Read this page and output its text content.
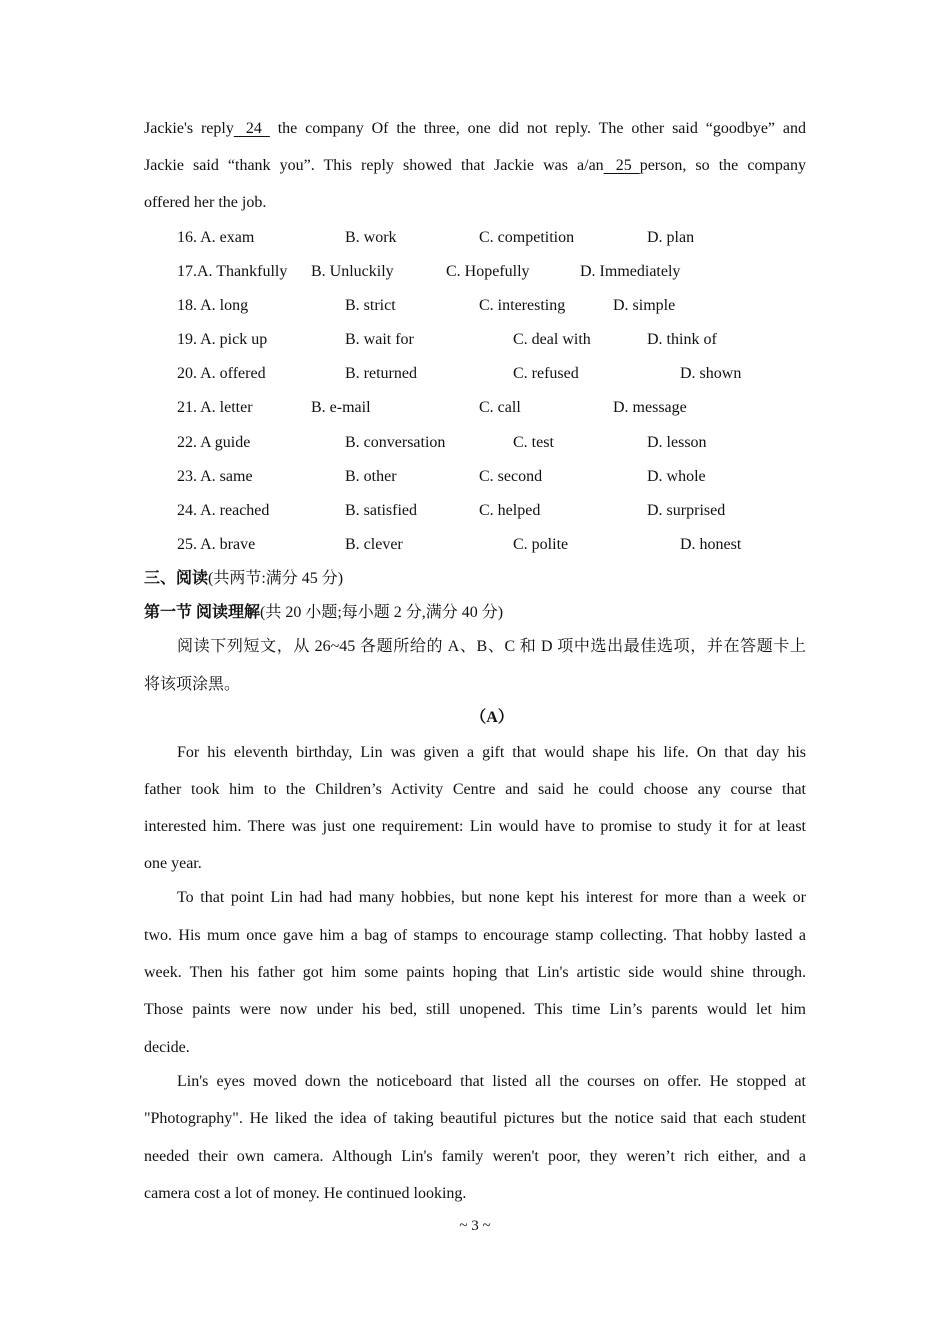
Jackie's reply   24   the company Of the three, one did not reply. The other said “goodbye” and
Jackie said “thank you”. This reply showed that Jackie was a/an   25  person, so the company
offered her the job.
16. A. exam	B. work	C. competition	D. plan
17.A. Thankfully B. Unluckily	C. Hopefully	D. Immediately
18. A. long	B. strict	C. interesting	D. simple
19. A. pick up	B. wait for	C. deal with	D. think of
20. A. offered	B. returned	C. refused	D. shown
21. A. letter	B. e-mail	C. call	D. message
22. A guide	B. conversation	C. test	D. lesson
23. A. same	B. other	C. second	D. whole
24. A. reached	B. satisfied	C. helped	D. surprised
25. A. brave	B. clever	C. polite	D. honest
三、阅读(共两节:满分 45 分)
第一节 阅读理解(共 20 小题;每小题 2 分,满分 40 分)
阅读下列短文，从 26~45 各题所给的 A、B、C 和 D 项中选出最佳选项，并在答题卡上
将该项涂黑。
（A）
For his eleventh birthday, Lin was given a gift that would shape his life. On that day his
father took him to the Children’s Activity Centre and said he could choose any course that
interested him. There was just one requirement: Lin would have to promise to study it for at least
one year.
To that point Lin had had many hobbies, but none kept his interest for more than a week or
two. His mum once gave him a bag of stamps to encourage stamp collecting. That hobby lasted a
week. Then his father got him some paints hoping that Lin's artistic side would shine through.
Those paints were now under his bed, still unopened. This time Lin’s parents would let him
decide.
Lin's eyes moved down the noticeboard that listed all the courses on offer. He stopped at
"Photography". He liked the idea of taking beautiful pictures but the notice said that each student
needed their own camera. Although Lin's family weren't poor, they weren’t rich either, and a
camera cost a lot of money. He continued looking.
~ 3 ~
